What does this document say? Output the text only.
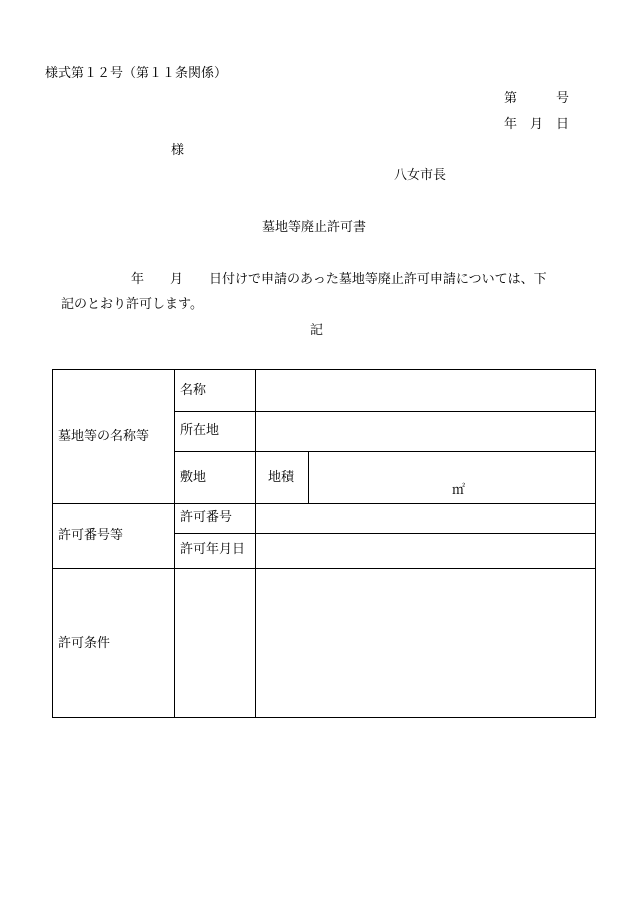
様式第１２号（第１１条関係）
第　　　号
年　月　日
様
八女市長
墓地等廃止許可書
年　　月　　日付けで申請のあった墓地等廃止許可申請については、下
記のとおり許可します。
記
墓地等の名称等
名称
所在地
敷地	地積
㎡
許可番号等
許可番号
許可年月日
許可条件
